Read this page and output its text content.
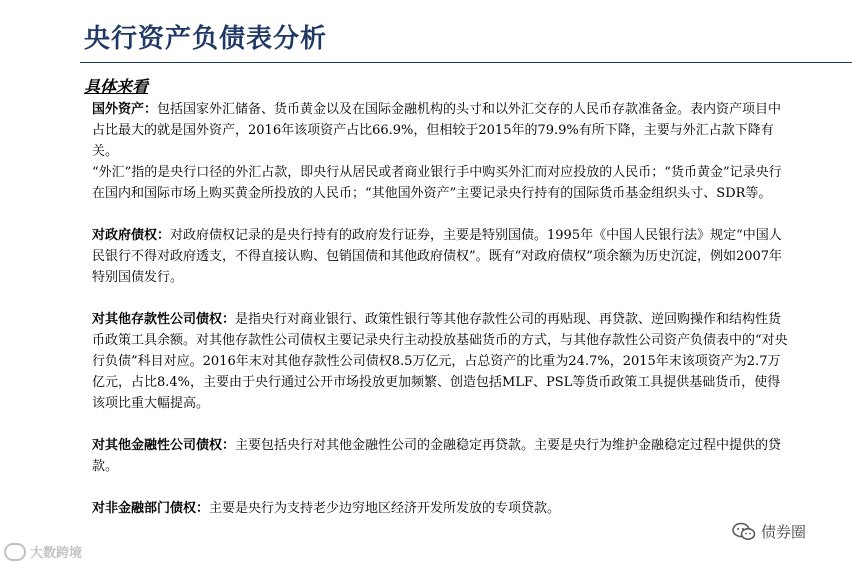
央行资产负债表分析
具体来看

国外资产：包括国家外汇储备、货币黄金以及在国际金融机构的头寸和以外汇交存的人民币存款准备金。表内资产项目中占比最大的就是国外资产，2016年该项资产占比66.9%，但相较于2015年的79.9%有所下降，主要与外汇占款下降有关。

“外汇”指的是央行口径的外汇占款，即央行从居民或者商业银行手中购买外汇而对应投放的人民币；“货币黄金”记录央行在国内和国际市场上购买黄金所投放的人民币；“其他国外资产”主要记录央行持有的国际货币基金组织头寸、SDR等。

对政府债权：对政府债权记录的是央行持有的政府发行证券，主要是特别国债。1995年《中国人民银行法》规定“中国人民银行不得对政府透支，不得直接认购、包销国债和其他政府债权”。既有“对政府债权”项余额为历史沉淀，例如2007年特别国债发行。

对其他存款性公司债权：是指央行对商业银行、政策性银行等其他存款性公司的再贴现、再贷款、逆回购操作和结构性货币政策工具余额。对其他存款性公司债权主要记录央行主动投放基础货币的方式，与其他存款性公司资产负债表中的“对央行负债”科目对应。2016年末对其他存款性公司债权8.5万亿元，占总资产的比重为24.7%，2015年末该项资产为2.7万亿元，占比8.4%，主要由于央行通过公开市场投放更加频繁、创造包括MLF、PSL等货币政策工具提供基础货币，使得该项比重大幅提高。

对其他金融性公司债权：主要包括央行对其他金融性公司的金融稳定再贷款。主要是央行为维护金融稳定过程中提供的贷款。

对非金融部门债权：主要是央行为支持老少边穷地区经济开发所发放的专项贷款。

债券圈
大数跨境
